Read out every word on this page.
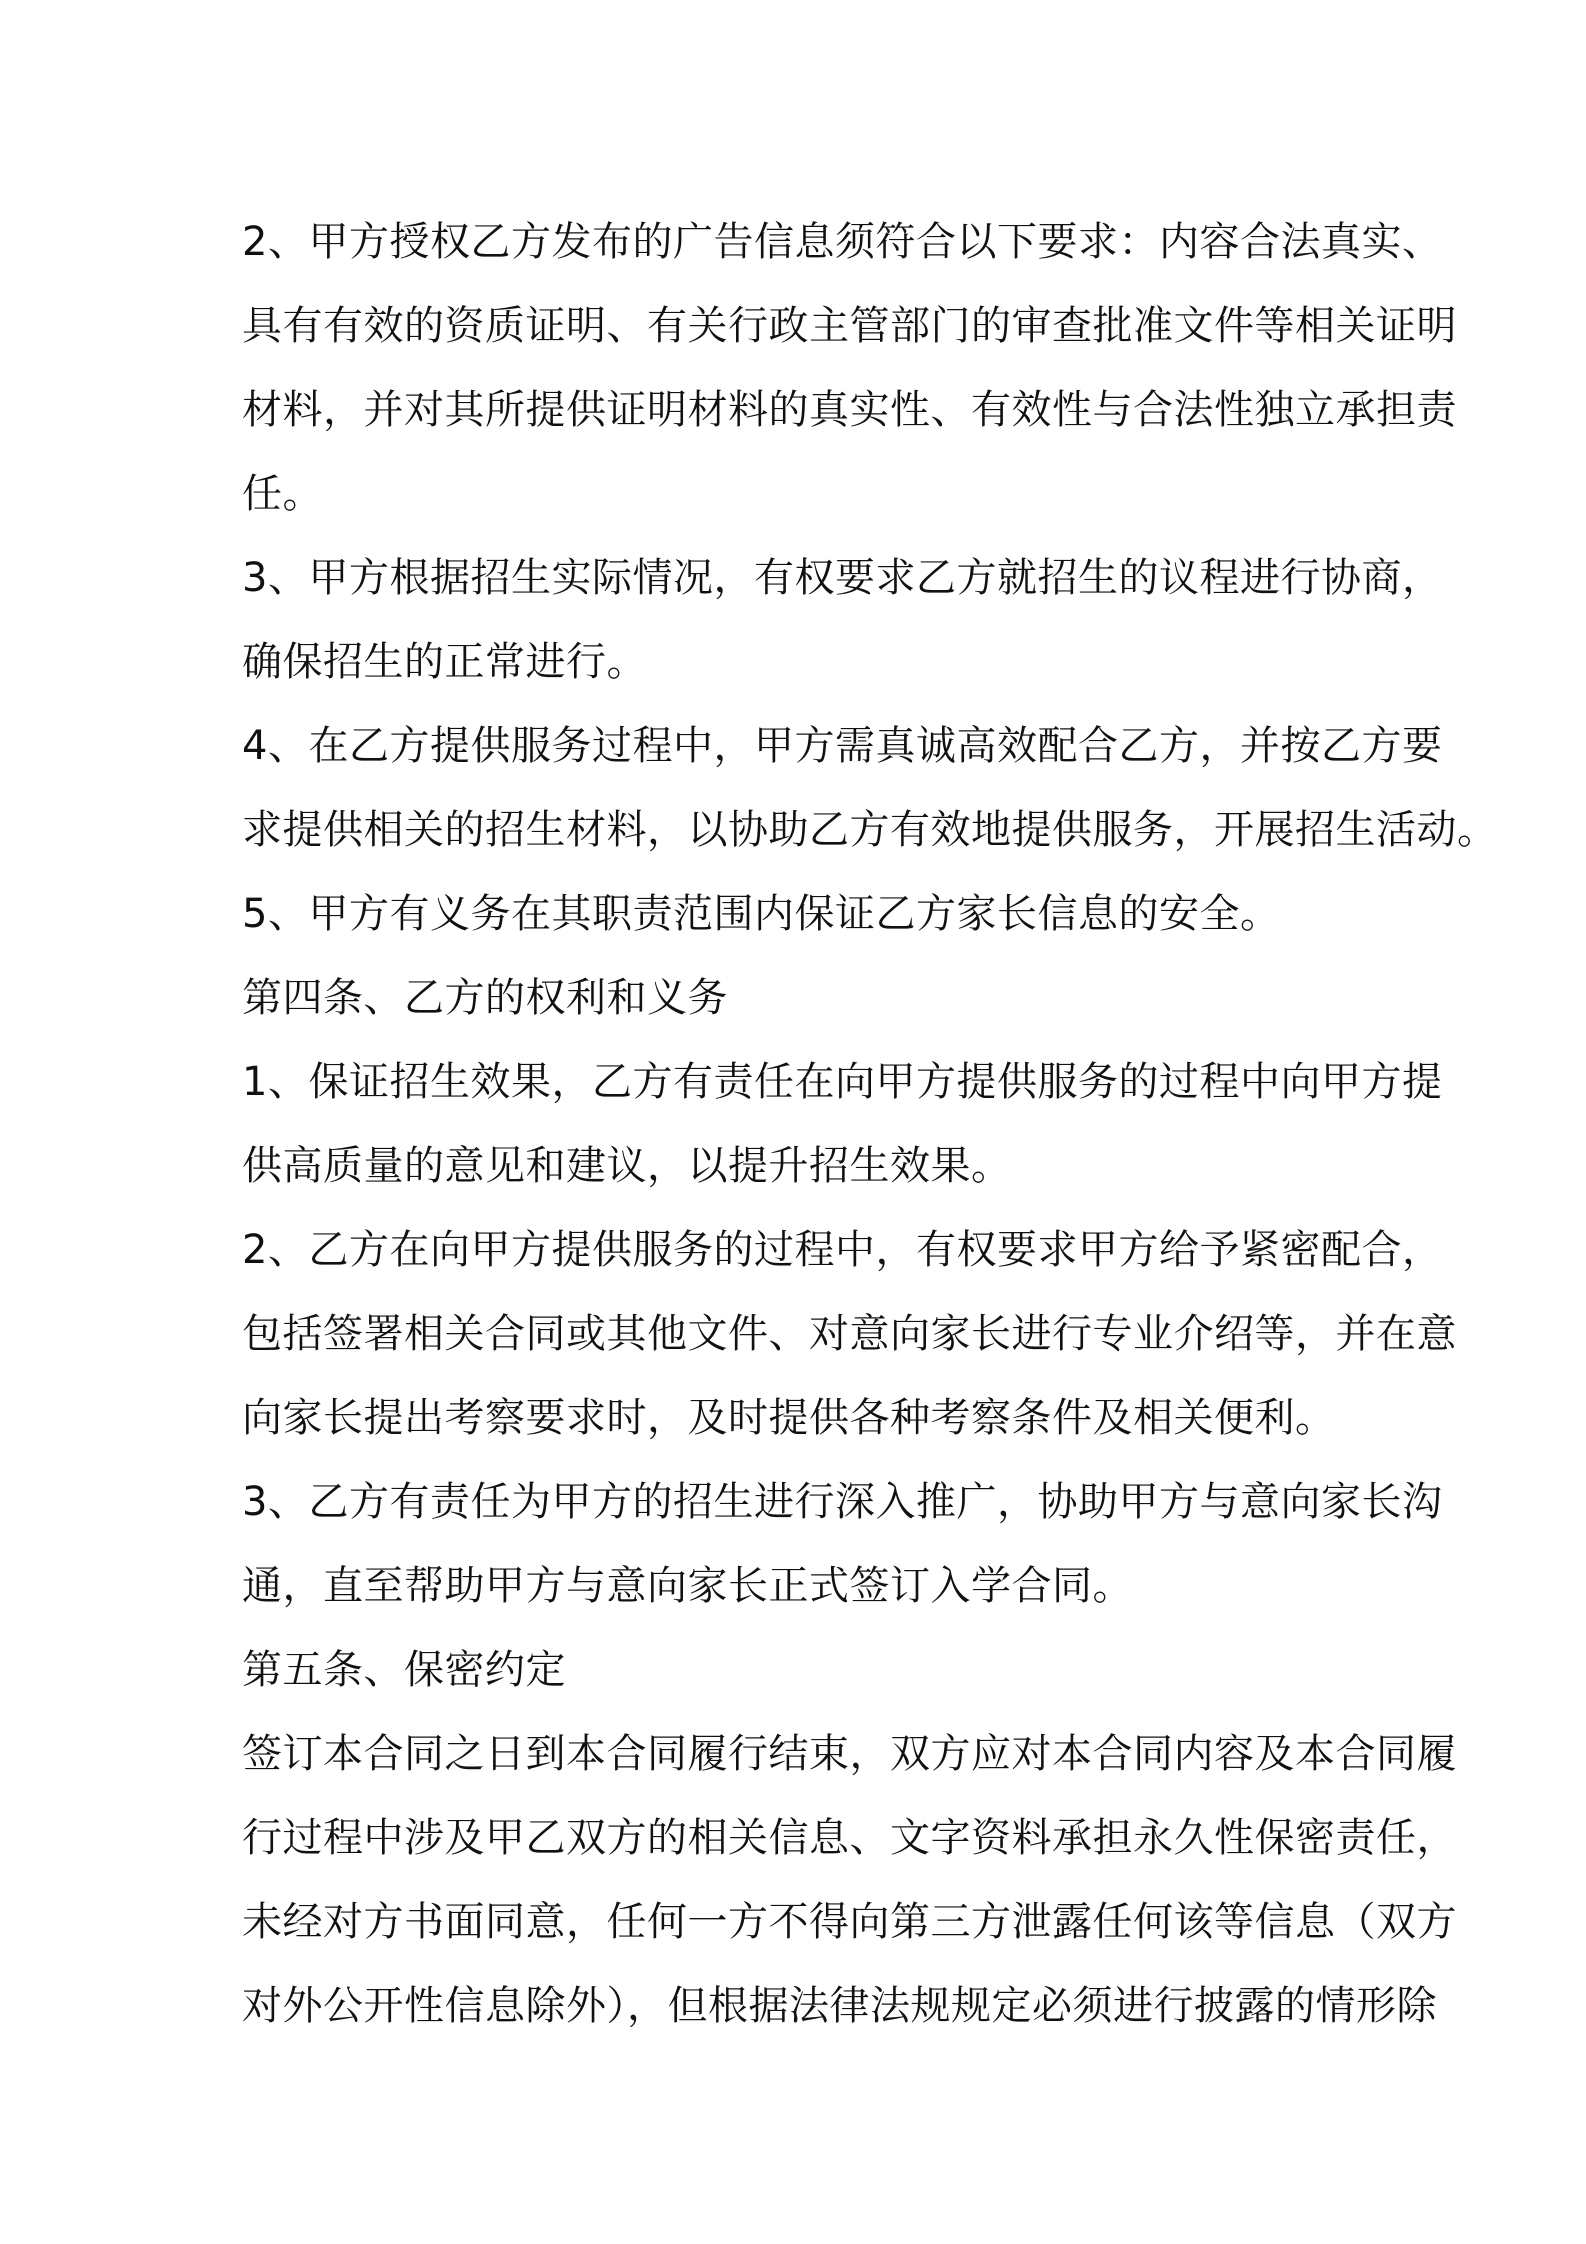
2、甲方授权乙方发布的广告信息须符合以下要求：内容合法真实、
具有有效的资质证明、有关行政主管部门的审查批准文件等相关证明
材料，并对其所提供证明材料的真实性、有效性与合法性独立承担责
任。

3、甲方根据招生实际情况，有权要求乙方就招生的议程进行协商，
确保招生的正常进行。

4、在乙方提供服务过程中，甲方需真诚高效配合乙方，并按乙方要
求提供相关的招生材料，以协助乙方有效地提供服务，开展招生活动。

5、甲方有义务在其职责范围内保证乙方家长信息的安全。

第四条、乙方的权利和义务

1、保证招生效果，乙方有责任在向甲方提供服务的过程中向甲方提
供高质量的意见和建议，以提升招生效果。

2、乙方在向甲方提供服务的过程中，有权要求甲方给予紧密配合，
包括签署相关合同或其他文件、对意向家长进行专业介绍等，并在意
向家长提出考察要求时，及时提供各种考察条件及相关便利。

3、乙方有责任为甲方的招生进行深入推广，协助甲方与意向家长沟
通，直至帮助甲方与意向家长正式签订入学合同。

第五条、保密约定

签订本合同之日到本合同履行结束，双方应对本合同内容及本合同履
行过程中涉及甲乙双方的相关信息、文字资料承担永久性保密责任，
未经对方书面同意，任何一方不得向第三方泄露任何该等信息（双方
对外公开性信息除外），但根据法律法规规定必须进行披露的情形除
